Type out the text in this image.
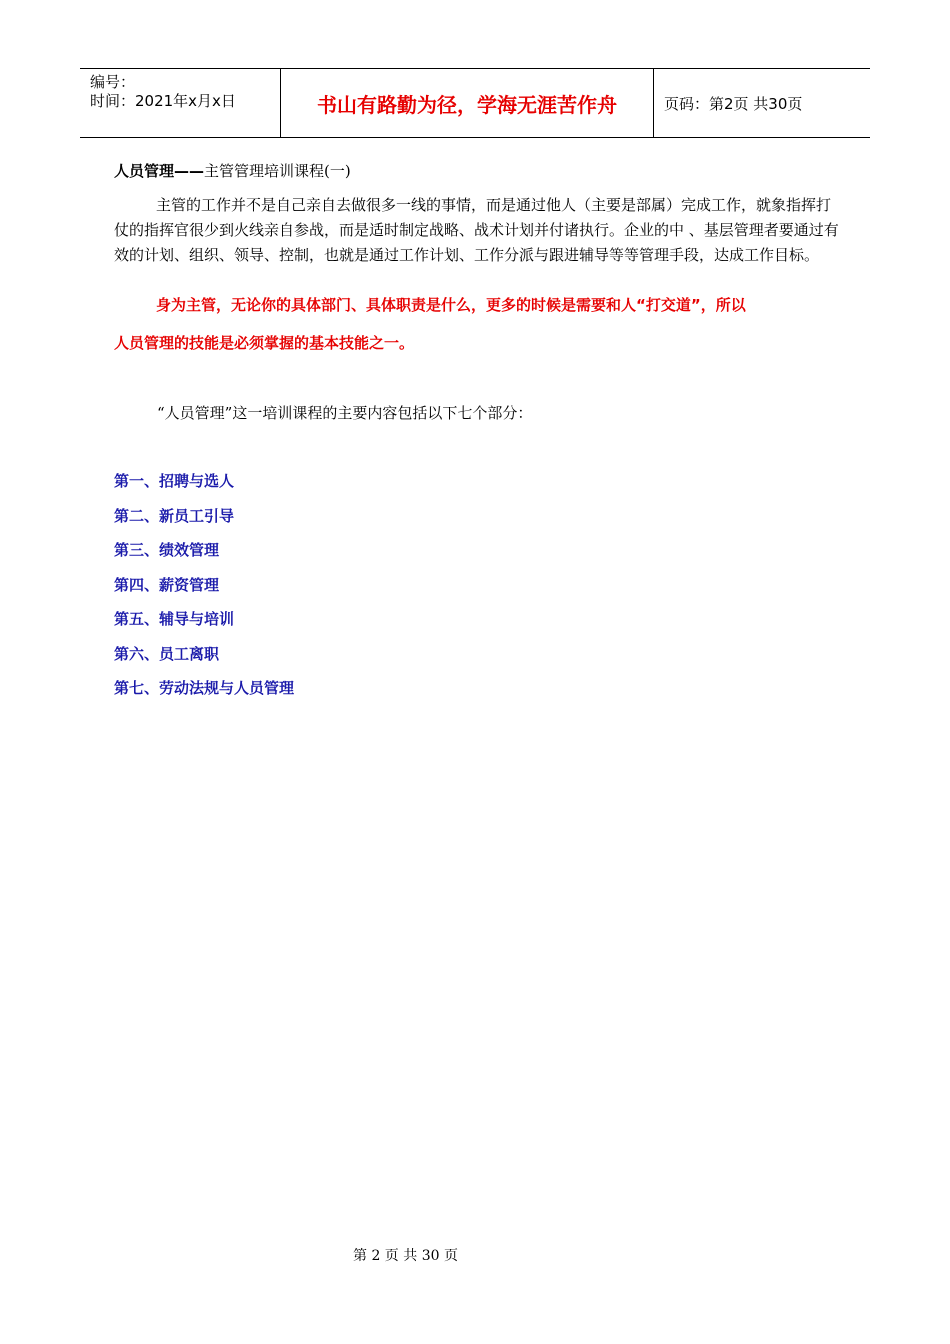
编号：
时间：2021年x月x日	书山有路勤为径，学海无涯苦作舟	页码：第2页 共30页
人员管理——主管管理培训课程(一)

主管的工作并不是自己亲自去做很多一线的事情，而是通过他人（主要是部属）完成工作，就象指挥打仗的指挥官很少到火线亲自参战，而是适时制定战略、战术计划并付诸执行。企业的中 、基层管理者要通过有效的计划、组织、领导、控制，也就是通过工作计划、工作分派与跟进辅导等等管理手段，达成工作目标。

身为主管，无论你的具体部门、具体职责是什么，更多的时候是需要和人“打交道”，所以
人员管理的技能是必须掌握的基本技能之一。
“人员管理”这一培训课程的主要内容包括以下七个部分：
第一、招聘与选人
第二、新员工引导
第三、绩效管理
第四、薪资管理
第五、辅导与培训
第六、员工离职
第七、劳动法规与人员管理
第 2 页 共 30 页
